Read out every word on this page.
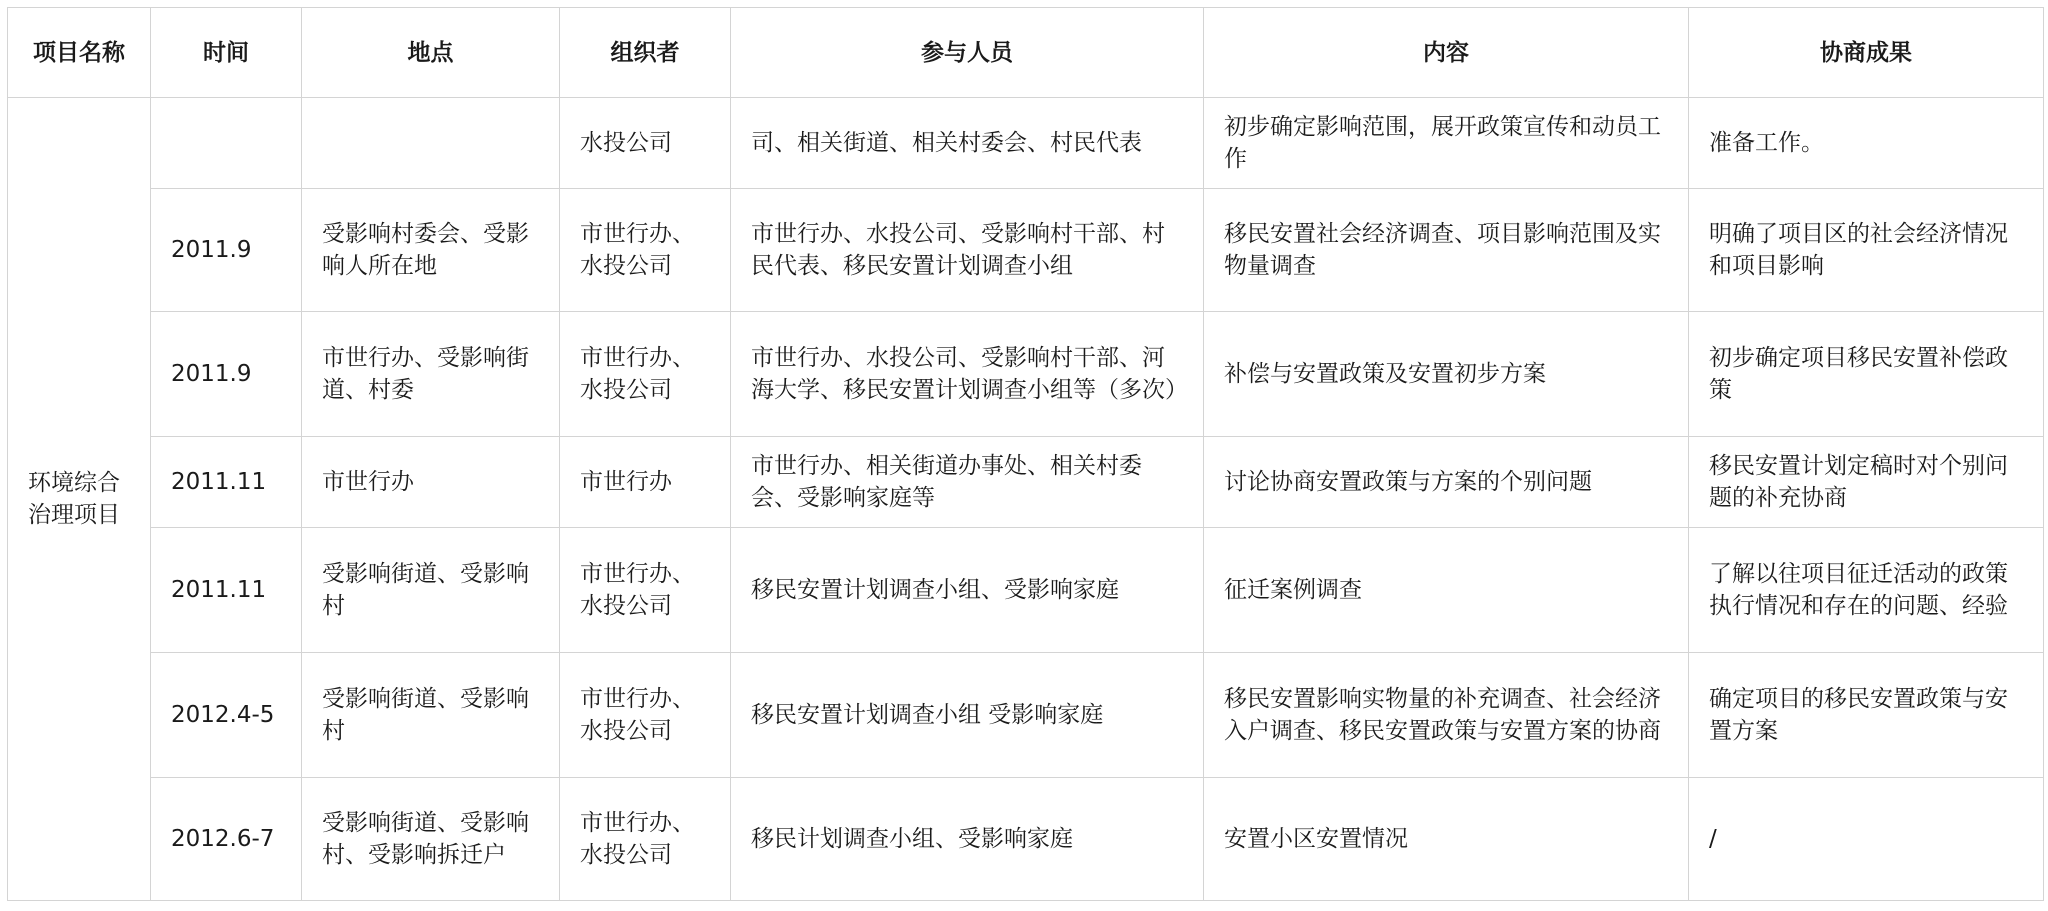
项目名称	时间	地点	组织者	参与人员	内容	协商成果
环境综合治理项目			水投公司	司、相关街道、相关村委会、村民代表	初步确定影响范围，展开政策宣传和动员工作	准备工作。
	2011.9	受影响村委会、受影响人所在地	市世行办、水投公司	市世行办、水投公司、受影响村干部、村民代表、移民安置计划调查小组	移民安置社会经济调查、项目影响范围及实物量调查	明确了项目区的社会经济情况和项目影响
	2011.9	市世行办、受影响街道、村委	市世行办、水投公司	市世行办、水投公司、受影响村干部、河海大学、移民安置计划调查小组等（多次）	补偿与安置政策及安置初步方案	初步确定项目移民安置补偿政策
	2011.11	市世行办	市世行办	市世行办、相关街道办事处、相关村委会、受影响家庭等	讨论协商安置政策与方案的个别问题	移民安置计划定稿时对个别问题的补充协商
	2011.11	受影响街道、受影响村	市世行办、水投公司	移民安置计划调查小组、受影响家庭	征迁案例调查	了解以往项目征迁活动的政策执行情况和存在的问题、经验
	2012.4-5	受影响街道、受影响村	市世行办、水投公司	移民安置计划调查小组 受影响家庭	移民安置影响实物量的补充调查、社会经济入户调查、移民安置政策与安置方案的协商	确定项目的移民安置政策与安置方案
	2012.6-7	受影响街道、受影响村、受影响拆迁户	市世行办、水投公司	移民计划调查小组、受影响家庭	安置小区安置情况	/
